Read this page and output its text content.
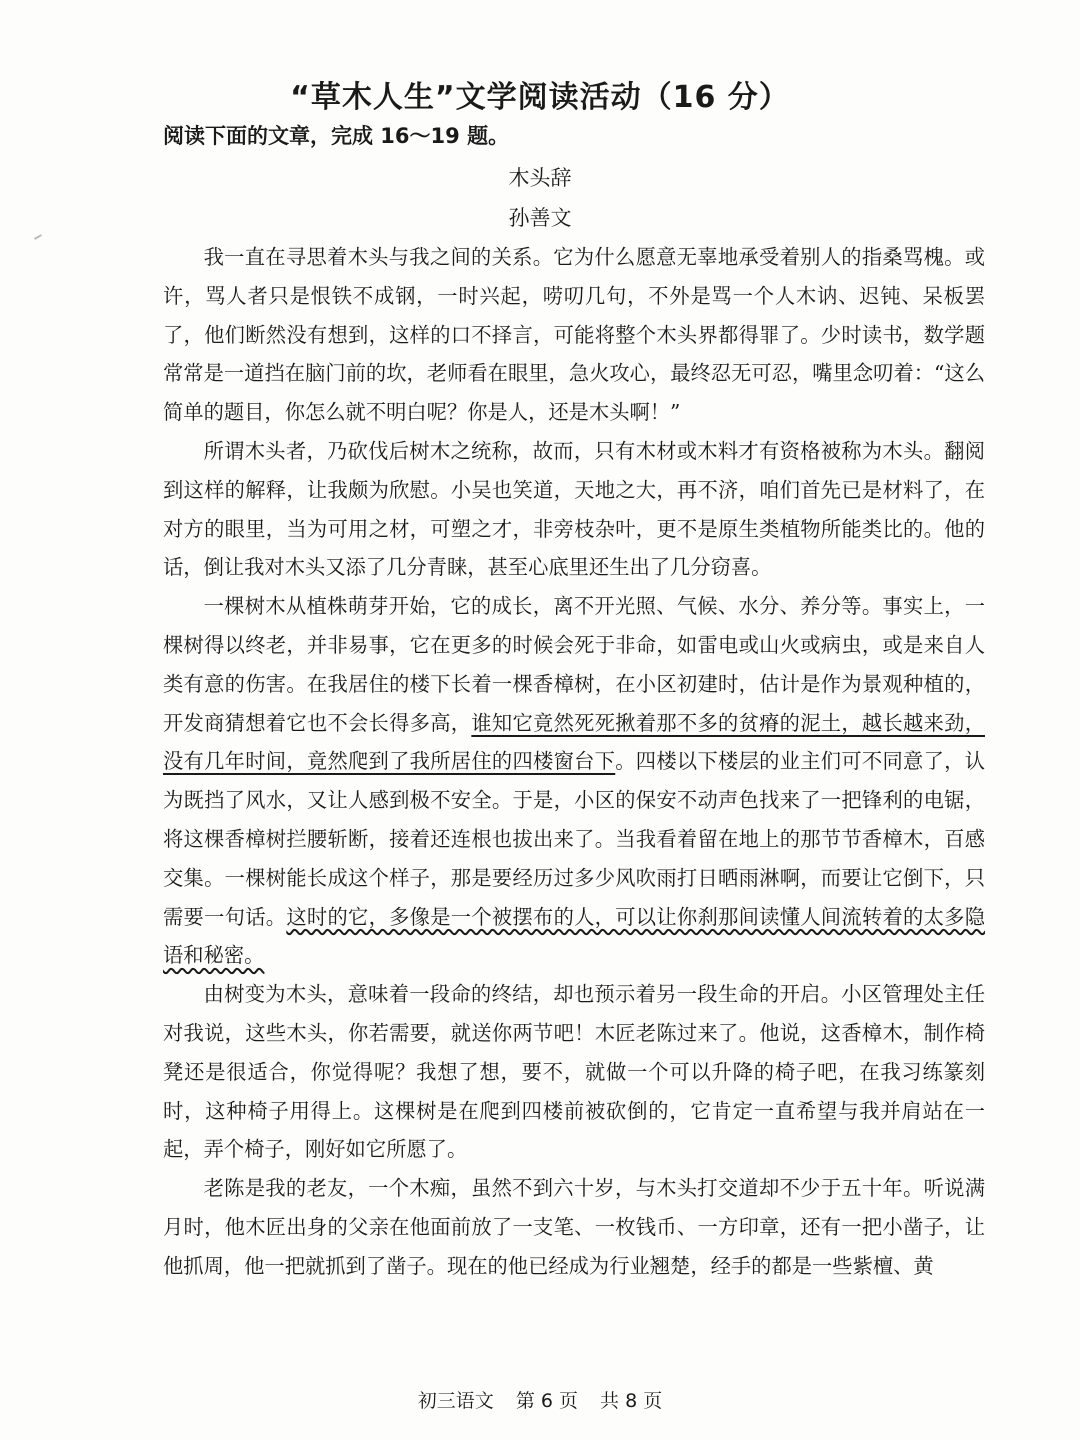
“草木人生”文学阅读活动（16 分）
阅读下面的文章，完成 16～19 题。
木头辞
孙善文

我一直在寻思着木头与我之间的关系。它为什么愿意无辜地承受着别人的指桑骂槐。或许，骂人者只是恨铁不成钢，一时兴起，唠叨几句，不外是骂一个人木讷、迟钝、呆板罢了，他们断然没有想到，这样的口不择言，可能将整个木头界都得罪了。少时读书，数学题常常是一道挡在脑门前的坎，老师看在眼里，急火攻心，最终忍无可忍，嘴里念叨着：“这么简单的题目，你怎么就不明白呢？你是人，还是木头啊！”

所谓木头者，乃砍伐后树木之统称，故而，只有木材或木料才有资格被称为木头。翻阅到这样的解释，让我颇为欣慰。小吴也笑道，天地之大，再不济，咱们首先已是材料了，在对方的眼里，当为可用之材，可塑之才，非旁枝杂叶，更不是原生类植物所能类比的。他的话，倒让我对木头又添了几分青睐，甚至心底里还生出了几分窃喜。

一棵树木从植株萌芽开始，它的成长，离不开光照、气候、水分、养分等。事实上，一棵树得以终老，并非易事，它在更多的时候会死于非命，如雷电或山火或病虫，或是来自人类有意的伤害。在我居住的楼下长着一棵香樟树，在小区初建时，估计是作为景观种植的，开发商猜想着它也不会长得多高，谁知它竟然死死揪着那不多的贫瘠的泥土，越长越来劲，没有几年时间，竟然爬到了我所居住的四楼窗台下。四楼以下楼层的业主们可不同意了，认为既挡了风水，又让人感到极不安全。于是，小区的保安不动声色找来了一把锋利的电锯，将这棵香樟树拦腰斩断，接着还连根也拔出来了。当我看着留在地上的那节节香樟木，百感交集。一棵树能长成这个样子，那是要经历过多少风吹雨打日晒雨淋啊，而要让它倒下，只需要一句话。这时的它，多像是一个被摆布的人，可以让你刹那间读懂人间流转着的太多隐语和秘密。

由树变为木头，意味着一段命的终结，却也预示着另一段生命的开启。小区管理处主任对我说，这些木头，你若需要，就送你两节吧！木匠老陈过来了。他说，这香樟木，制作椅凳还是很适合，你觉得呢？我想了想，要不，就做一个可以升降的椅子吧，在我习练篆刻时，这种椅子用得上。这棵树是在爬到四楼前被砍倒的，它肯定一直希望与我并肩站在一起，弄个椅子，刚好如它所愿了。

老陈是我的老友，一个木痴，虽然不到六十岁，与木头打交道却不少于五十年。听说满月时，他木匠出身的父亲在他面前放了一支笔、一枚钱币、一方印章，还有一把小凿子，让他抓周，他一把就抓到了凿子。现在的他已经成为行业翘楚，经手的都是一些紫檀、黄

初三语文 第 6 页 共 8 页
